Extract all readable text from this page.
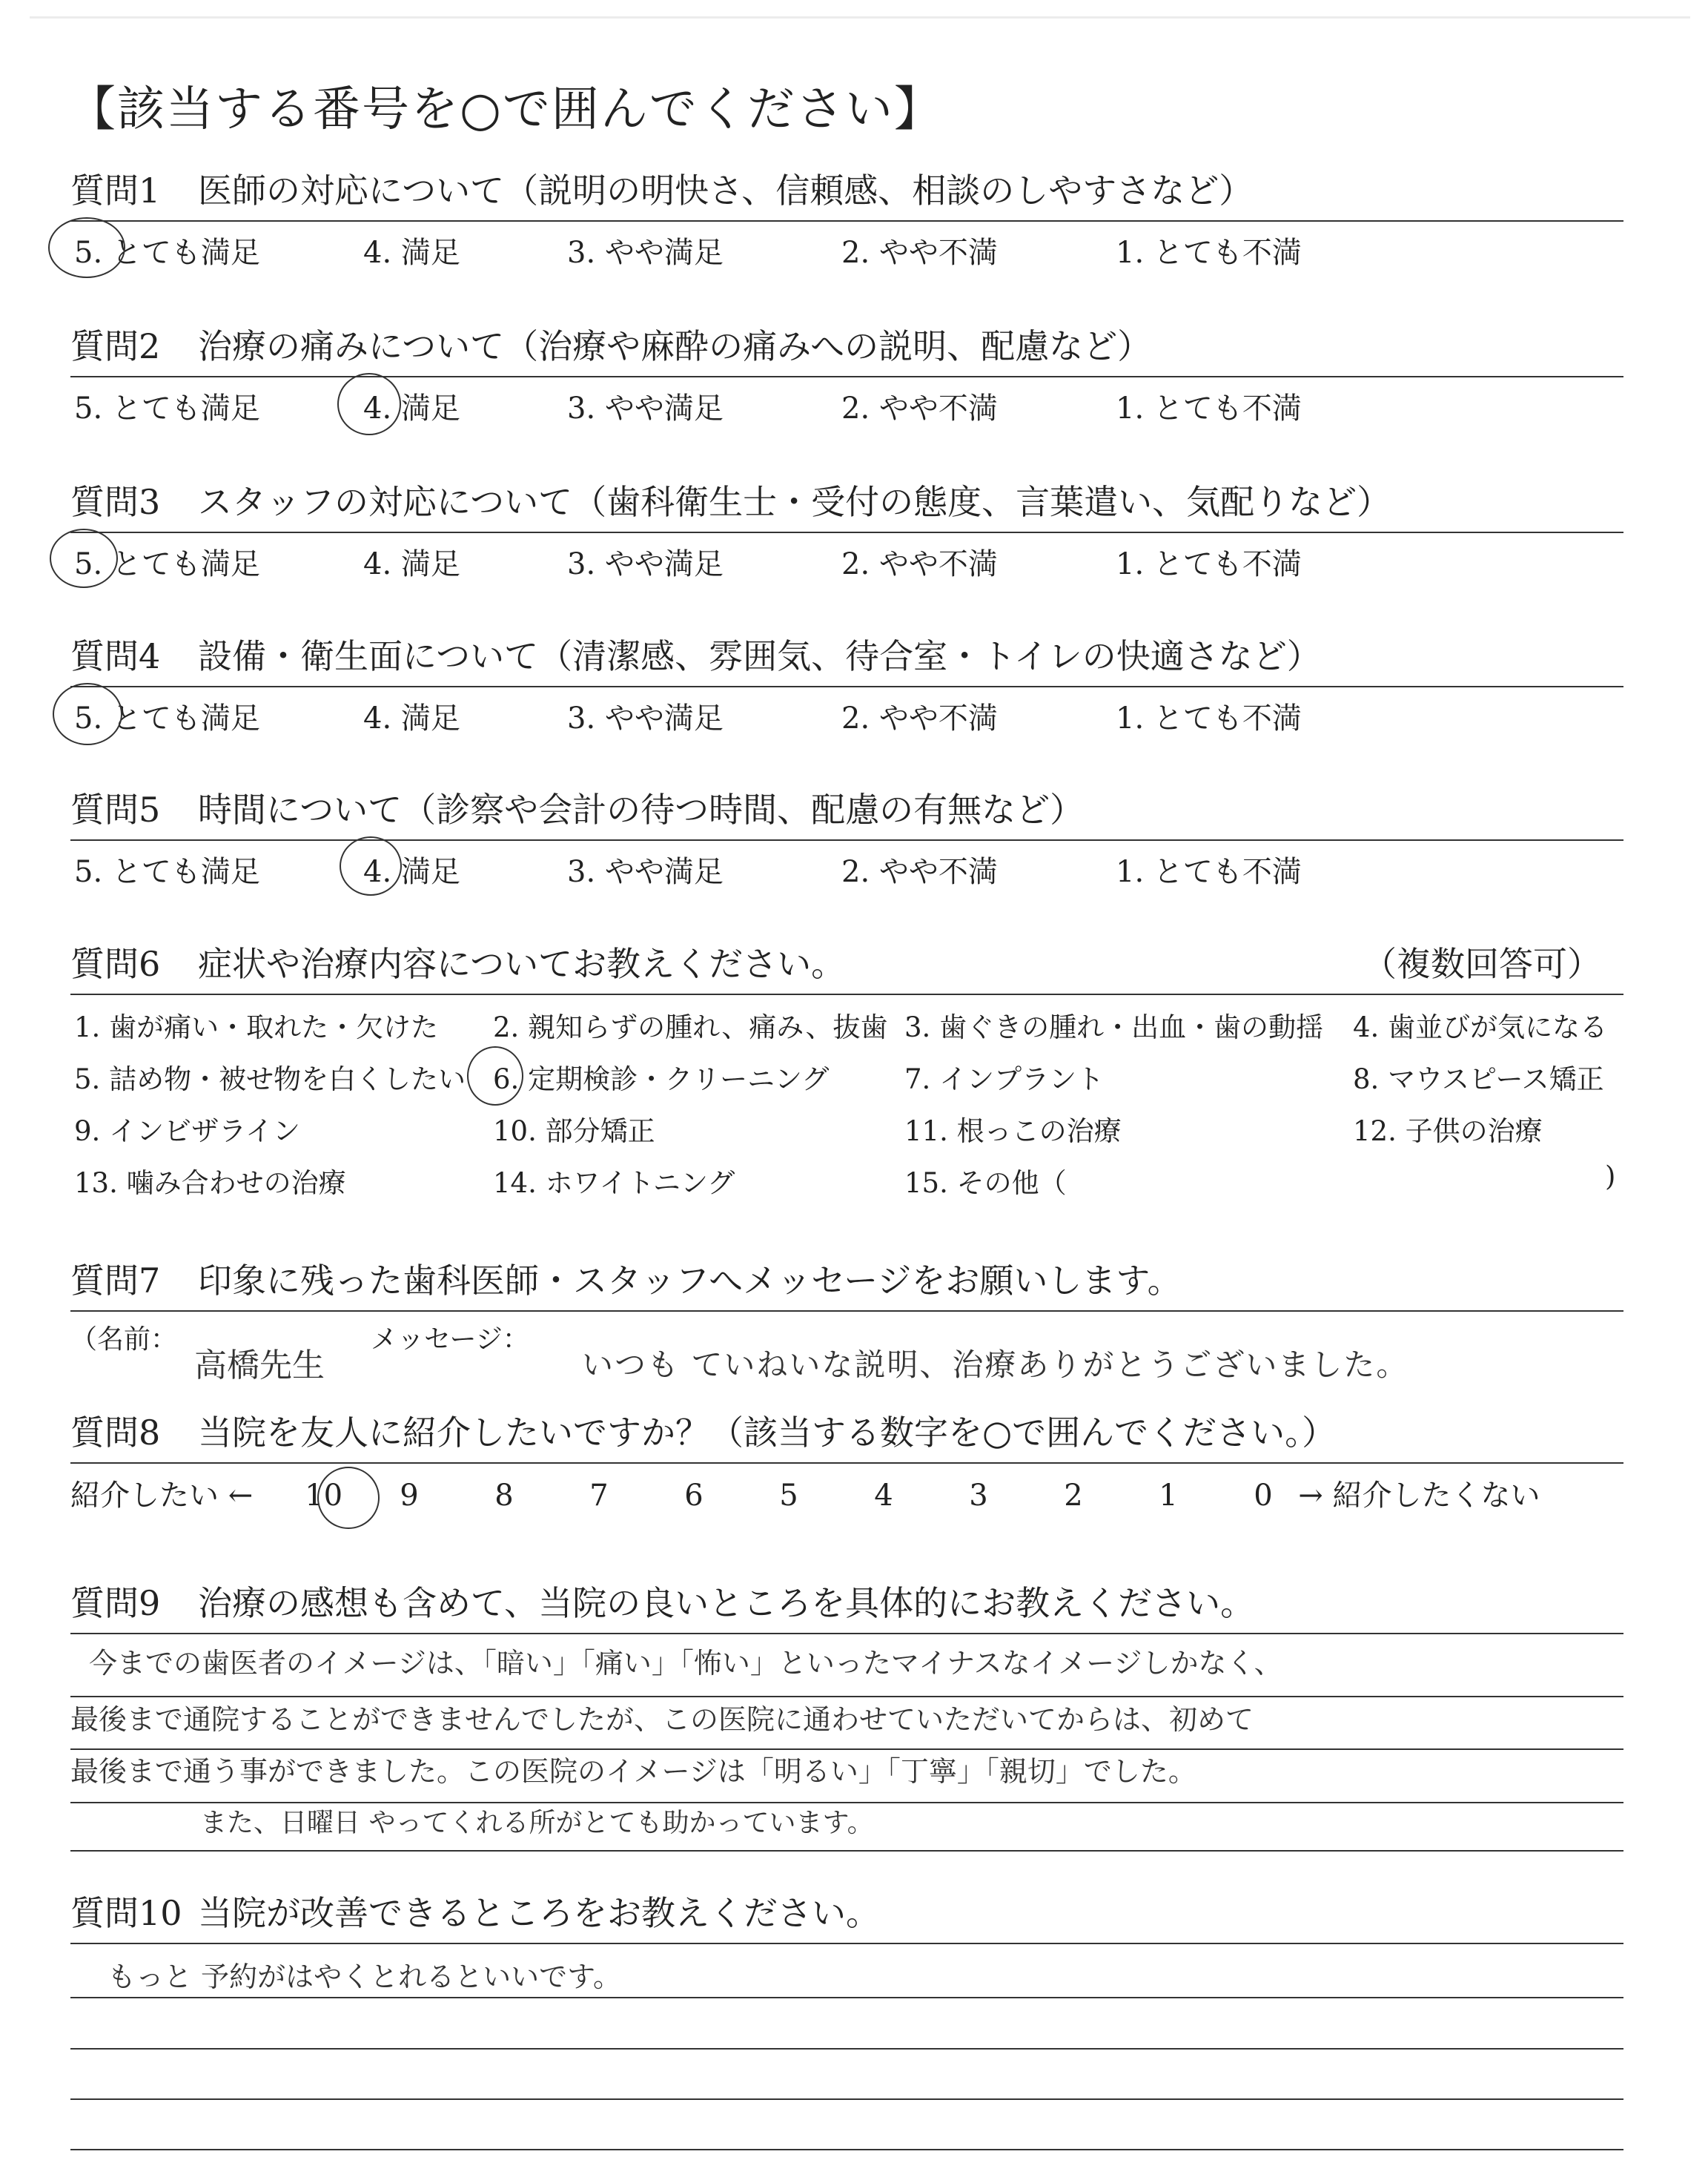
【該当する番号を○で囲んでください】
質問1 医師の対応について（説明の明快さ、信頼感、相談のしやすさなど）
5. とても満足	4. 満足	3. やや満足	2. やや不満	1. とても不満
質問2 治療の痛みについて（治療や麻酔の痛みへの説明、配慮など）
5. とても満足	4. 満足	3. やや満足	2. やや不満	1. とても不満
質問3 スタッフの対応について（歯科衛生士・受付の態度、言葉遣い、気配りなど）
5. とても満足	4. 満足	3. やや満足	2. やや不満	1. とても不満
質問4 設備・衛生面について（清潔感、雰囲気、待合室・トイレの快適さなど）
5. とても満足	4. 満足	3. やや満足	2. やや不満	1. とても不満
質問5 時間について（診察や会計の待つ時間、配慮の有無など）
5. とても満足	4. 満足	3. やや満足	2. やや不満	1. とても不満
質問6 症状や治療内容についてお教えください。	（複数回答可）
1. 歯が痛い・取れた・欠けた 2. 親知らずの腫れ、痛み、抜歯 3. 歯ぐきの腫れ・出血・歯の動揺 4. 歯並びが気になる
5. 詰め物・被せ物を白くしたい 6. 定期検診・クリーニング	7. インプラント	8. マウスピース矯正
9. インビザライン	10. 部分矯正	11. 根っこの治療	12. 子供の治療
13. 噛み合わせの治療	14. ホワイトニング	15. その他（	)
質問7 印象に残った歯科医師・スタッフへメッセージをお願いします。
（名前：	メッセージ：
高橋先生	いつも ていねいな説明、治療ありがとうございました。
質問8 当院を友人に紹介したいですか？（該当する数字を○で囲んでください。）
紹介したい ← 10 9	8	7	6	5	4	3	2	1	0 → 紹介したくない
質問9 治療の感想も含めて、当院の良いところを具体的にお教えください。
今までの歯医者のイメージは、「暗い」「痛い」「怖い」といったマイナスなイメージしかなく、
最後まで通院することができませんでしたが、この医院に通わせていただいてからは、初めて
最後まで通う事ができました。この医院のイメージは「明るい」「丁寧」「親切」でした。
また、日曜日 やってくれる所がとても助かっています。
質問10 当院が改善できるところをお教えください。
もっと 予約がはやくとれるといいです。
